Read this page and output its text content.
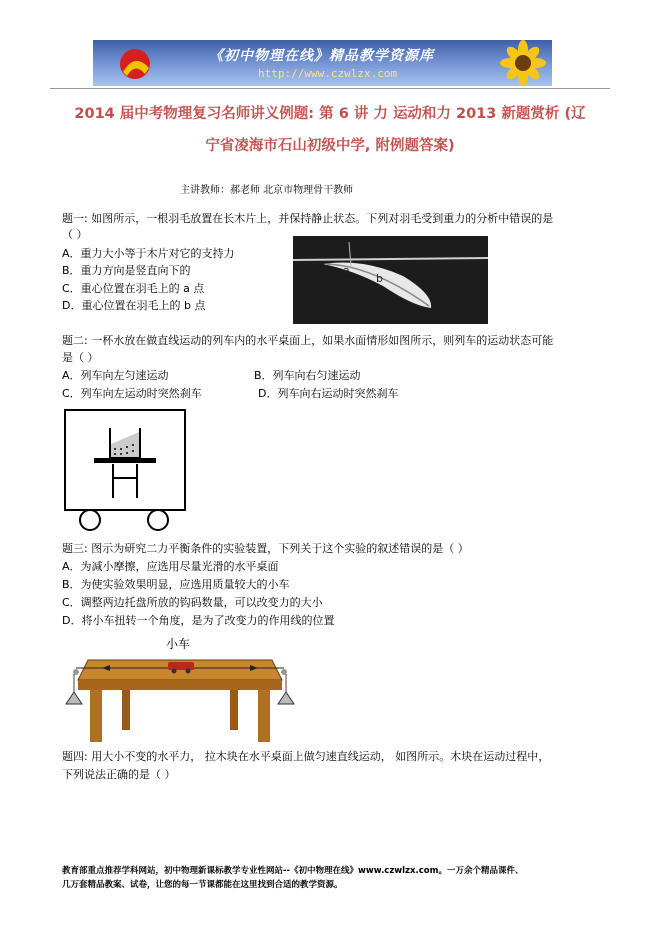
《初中物理在线》精品教学资源库
http://www.czwlzx.com
2014 届中考物理复习名师讲义例题: 第 6 讲 力 运动和力 2013 新题赏析 (辽
宁省凌海市石山初级中学, 附例题答案)
主讲教师：郝老师 北京市物理骨干教师
题一: 如图所示，一根羽毛放置在长木片上，并保持静止状态。下列对羽毛受到重力的分析中错误的是
（ ）
A．重力大小等于木片对它的支持力
B．重力方向是竖直向下的
C．重心位置在羽毛上的 a 点
D．重心位置在羽毛上的 b 点
a
b
题二: 一杯水放在做直线运动的列车内的水平桌面上，如果水面情形如图所示，则列车的运动状态可能
是（ ）
A．列车向左匀速运动	B．列车向右匀速运动
C．列车向左运动时突然刹车	D．列车向右运动时突然刹车
题三: 图示为研究二力平衡条件的实验装置，下列关于这个实验的叙述错误的是（ ）
A．为减小摩擦，应选用尽量光滑的水平桌面
B．为使实验效果明显，应选用质量较大的小车
C．调整两边托盘所放的钩码数量，可以改变力的大小
D．将小车扭转一个角度，是为了改变力的作用线的位置
小车
题四: 用大小不变的水平力， 拉木块在水平桌面上做匀速直线运动， 如图所示。木块在运动过程中，
下列说法正确的是（ ）
教育部重点推荐学科网站，初中物理新课标教学专业性网站--《初中物理在线》www.czwlzx.com。一万余个精品课件、
几万套精品教案、试卷，让您的每一节课都能在这里找到合适的教学资源。
